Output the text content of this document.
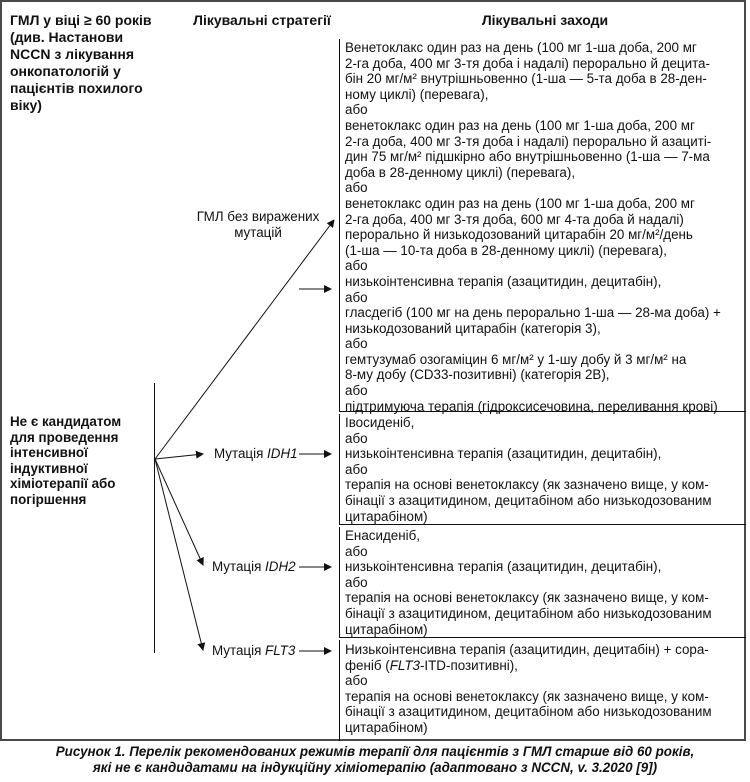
ГМЛ у віці ≥ 60 років
(див. Настанови
NCCN з лікування
онкопатологій у
пацієнтів похилого
віку)
Лікувальні стратегії	Лікувальні заходи
Не є кандидатом
для проведення
інтенсивної
індуктивної
хіміотерапії або
погіршення
ГМЛ без виражених
мутацій
Мутація IDH1
Мутація IDH2
Мутація FLT3
Венетоклакс один раз на день (100 мг 1-ша доба, 200 мг
2-га доба, 400 мг 3-тя доба і надалі) перорально й децита-
бін 20 мг/м² внутрішньовенно (1-ша — 5-та доба в 28-ден-
ному циклі) (перевага),
або
венетоклакс один раз на день (100 мг 1-ша доба, 200 мг
2-га доба, 400 мг 3-тя доба і надалі) перорально й азациті-
дин 75 мг/м² підшкірно або внутрішньовенно (1-ша — 7-ма
доба в 28-денному циклі) (перевага),
або
венетоклакс один раз на день (100 мг 1-ша доба, 200 мг
2-га доба, 400 мг 3-тя доба, 600 мг 4-та доба й надалі)
перорально й низькодозований цитарабін 20 мг/м²/день
(1-ша — 10-та доба в 28-денному циклі) (перевага),
або
низькоінтенсивна терапія (азацитидин, децитабін),
або
гласдегіб (100 мг на день перорально 1-ша — 28-ма доба) +
низькодозований цитарабін (категорія 3),
або
гемтузумаб озогаміцин 6 мг/м² у 1-шу добу й 3 мг/м² на
8-му добу (CD33-позитивні) (категорія 2В),
або
підтримуюча терапія (гідроксисечовина, переливання крові)
Івосиденіб,
або
низькоінтенсивна терапія (азацитидин, децитабін),
або
терапія на основі венетоклаксу (як зазначено вище, у ком-
бінації з азацитидином, децитабіном або низькодозованим
цитарабіном)
Енасиденіб,
або
низькоінтенсивна терапія (азацитидин, децитабін),
або
терапія на основі венетоклаксу (як зазначено вище, у ком-
бінації з азацитидином, децитабіном або низькодозованим
цитарабіном)
Низькоінтенсивна терапія (азацитидин, децитабін) + сора-
феніб (FLT3-ITD-позитивні),
або
терапія на основі венетоклаксу (як зазначено вище, у ком-
бінації з азацитидином, децитабіном або низькодозованим
цитарабіном)
Рисунок 1. Перелік рекомендованих режимів терапії для пацієнтів з ГМЛ старше від 60 років,
які не є кандидатами на індукційну хіміотерапію (адаптовано з NCCN, v. 3.2020 [9])
